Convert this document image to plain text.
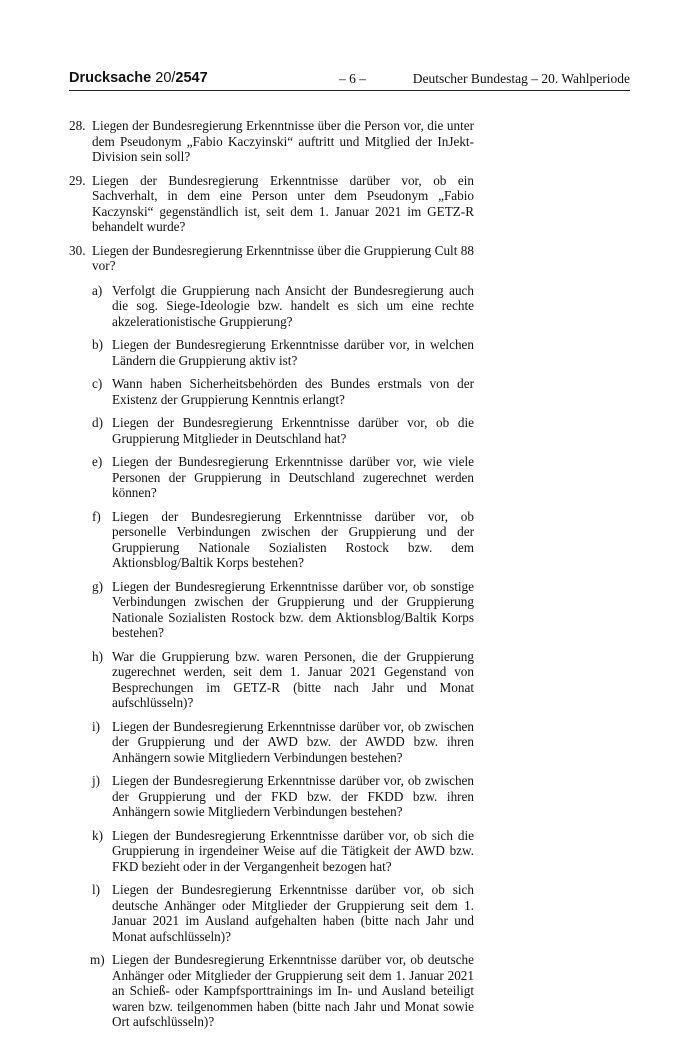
Drucksache 20/2547	– 6 –	Deutscher Bundestag – 20. Wahlperiode
28. Liegen der Bundesregierung Erkenntnisse über die Person vor, die unter dem Pseudonym „Fabio Kaczyinski“ auftritt und Mitglied der InJekt-Division sein soll?
29. Liegen der Bundesregierung Erkenntnisse darüber vor, ob ein Sachverhalt, in dem eine Person unter dem Pseudonym „Fabio Kaczynski“ gegenständlich ist, seit dem 1. Januar 2021 im GETZ-R behandelt wurde?
30. Liegen der Bundesregierung Erkenntnisse über die Gruppierung Cult 88 vor?
a) Verfolgt die Gruppierung nach Ansicht der Bundesregierung auch die sog. Siege-Ideologie bzw. handelt es sich um eine rechte akzelerationistische Gruppierung?
b) Liegen der Bundesregierung Erkenntnisse darüber vor, in welchen Ländern die Gruppierung aktiv ist?
c) Wann haben Sicherheitsbehörden des Bundes erstmals von der Existenz der Gruppierung Kenntnis erlangt?
d) Liegen der Bundesregierung Erkenntnisse darüber vor, ob die Gruppierung Mitglieder in Deutschland hat?
e) Liegen der Bundesregierung Erkenntnisse darüber vor, wie viele Personen der Gruppierung in Deutschland zugerechnet werden können?
f) Liegen der Bundesregierung Erkenntnisse darüber vor, ob personelle Verbindungen zwischen der Gruppierung und der Gruppierung Nationale Sozialisten Rostock bzw. dem Aktionsblog/Baltik Korps bestehen?
g) Liegen der Bundesregierung Erkenntnisse darüber vor, ob sonstige Verbindungen zwischen der Gruppierung und der Gruppierung Nationale Sozialisten Rostock bzw. dem Aktionsblog/Baltik Korps bestehen?
h) War die Gruppierung bzw. waren Personen, die der Gruppierung zugerechnet werden, seit dem 1. Januar 2021 Gegenstand von Besprechungen im GETZ-R (bitte nach Jahr und Monat aufschlüsseln)?
i) Liegen der Bundesregierung Erkenntnisse darüber vor, ob zwischen der Gruppierung und der AWD bzw. der AWDD bzw. ihren Anhängern sowie Mitgliedern Verbindungen bestehen?
j) Liegen der Bundesregierung Erkenntnisse darüber vor, ob zwischen der Gruppierung und der FKD bzw. der FKDD bzw. ihren Anhängern sowie Mitgliedern Verbindungen bestehen?
k) Liegen der Bundesregierung Erkenntnisse darüber vor, ob sich die Gruppierung in irgendeiner Weise auf die Tätigkeit der AWD bzw. FKD bezieht oder in der Vergangenheit bezogen hat?
l) Liegen der Bundesregierung Erkenntnisse darüber vor, ob sich deutsche Anhänger oder Mitglieder der Gruppierung seit dem 1. Januar 2021 im Ausland aufgehalten haben (bitte nach Jahr und Monat aufschlüsseln)?
m) Liegen der Bundesregierung Erkenntnisse darüber vor, ob deutsche Anhänger oder Mitglieder der Gruppierung seit dem 1. Januar 2021 an Schieß- oder Kampfsporttrainings im In- und Ausland beteiligt waren bzw. teilgenommen haben (bitte nach Jahr und Monat sowie Ort aufschlüsseln)?
